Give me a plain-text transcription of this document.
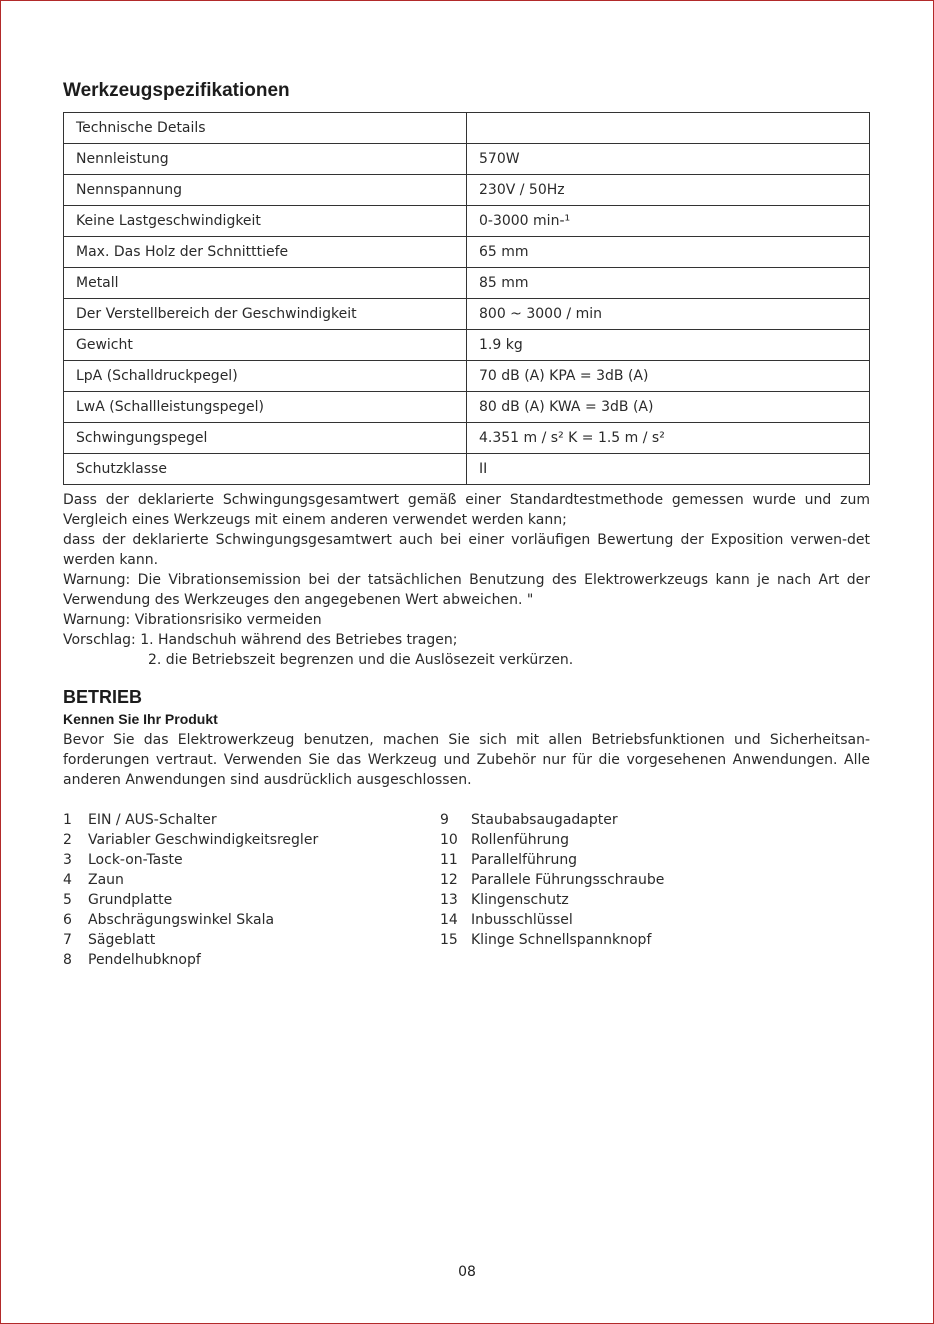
Werkzeugspezifikationen
Technische Details	
Nennleistung	570W
Nennspannung	230V / 50Hz
Keine Lastgeschwindigkeit	0-3000 min-¹
Max. Das Holz der Schnitttiefe	65 mm
Metall	85 mm
Der Verstellbereich der Geschwindigkeit	800 ~ 3000 / min
Gewicht	1.9 kg
LpA (Schalldruckpegel)	70 dB (A) KPA = 3dB (A)
LwA (Schallleistungspegel)	80 dB (A) KWA = 3dB (A)
Schwingungspegel	4.351 m / s² K = 1.5 m / s²
Schutzklasse	II

Dass der deklarierte Schwingungsgesamtwert gemäß einer Standardtestmethode gemessen wurde und zum Vergleich eines Werkzeugs mit einem anderen verwendet werden kann;

dass der deklarierte Schwingungsgesamtwert auch bei einer vorläufigen Bewertung der Exposition verwen-det werden kann.

Warnung: Die Vibrationsemission bei der tatsächlichen Benutzung des Elektrowerkzeugs kann je nach Art der Verwendung des Werkzeuges den angegebenen Wert abweichen. "

Warnung: Vibrationsrisiko vermeiden

Vorschlag: 1. Handschuh während des Betriebes tragen;

2. die Betriebszeit begrenzen und die Auslösezeit verkürzen.

BETRIEB
Kennen Sie Ihr Produkt

Bevor Sie das Elektrowerkzeug benutzen, machen Sie sich mit allen Betriebsfunktionen und Sicherheitsan-forderungen vertraut. Verwenden Sie das Werkzeug und Zubehör nur für die vorgesehenen Anwendungen. Alle anderen Anwendungen sind ausdrücklich ausgeschlossen.

1	EIN / AUS-Schalter
2	Variabler Geschwindigkeitsregler
3	Lock-on-Taste
4	Zaun
5	Grundplatte
6	Abschrägungswinkel Skala
7	Sägeblatt
8	Pendelhubknopf
9	Staubabsaugadapter
10 Rollenführung
11 Parallelführung
12 Parallele Führungsschraube
13 Klingenschutz
14 Inbusschlüssel
15 Klinge Schnellspannknopf
08
